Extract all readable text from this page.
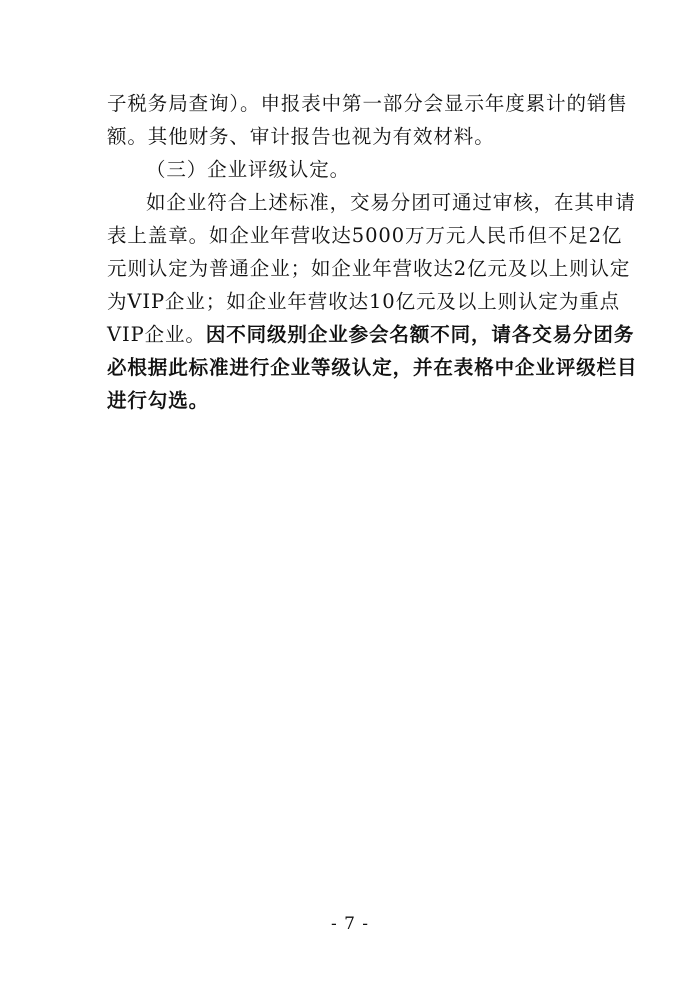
子税务局查询）。申报表中第一部分会显示年度累计的销售
额。其他财务、审计报告也视为有效材料。
（三）企业评级认定。
如企业符合上述标准，交易分团可通过审核，在其申请
表上盖章。如企业年营收达5000万万元人民币但不足2亿
元则认定为普通企业；如企业年营收达2亿元及以上则认定
为VIP企业；如企业年营收达10亿元及以上则认定为重点
VIP企业。因不同级别企业参会名额不同，请各交易分团务
必根据此标准进行企业等级认定，并在表格中企业评级栏目
进行勾选。
- 7 -
